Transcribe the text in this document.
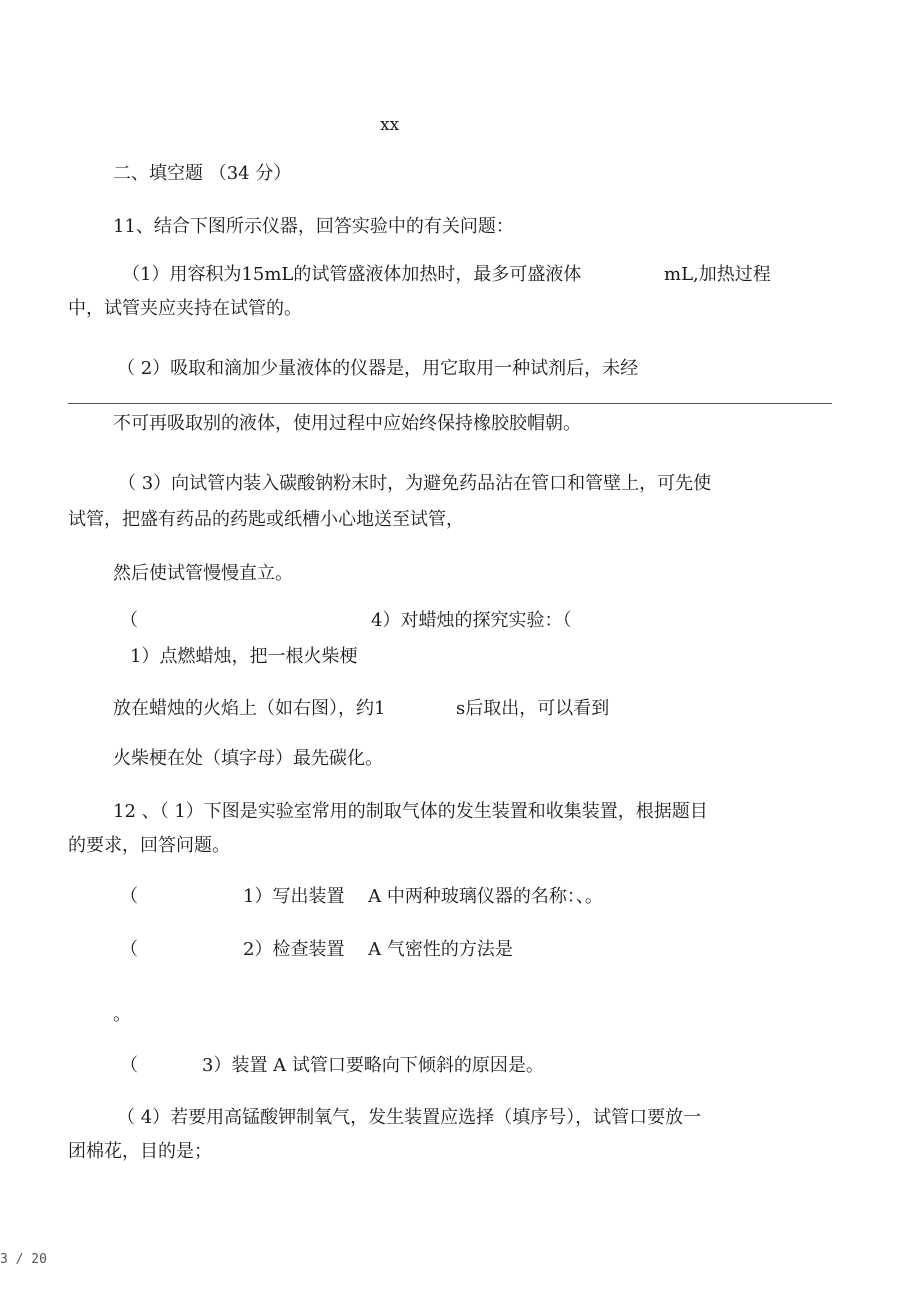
xx
二、填空题 （34 分）
11、结合下图所示仪器，回答实验中的有关问题：
（1）用容积为15mL的试管盛液体加热时，最多可盛液体	mL,加热过程
中，试管夹应夹持在试管的。
（ 2）吸取和滴加少量液体的仪器是，用它取用一种试剂后，未经
不可再吸取别的液体，使用过程中应始终保持橡胶胶帽朝。
（ 3）向试管内装入碳酸钠粉末时，为避免药品沾在管口和管壁上，可先使
试管，把盛有药品的药匙或纸槽小心地送至试管，
然后使试管慢慢直立。
（	4）对蜡烛的探究实验：（
1）点燃蜡烛，把一根火柴梗
放在蜡烛的火焰上（如右图），约1	s后取出，可以看到
火柴梗在处（填字母）最先碳化。
12 、（ 1）下图是实验室常用的制取气体的发生装置和收集装置，根据题目
的要求，回答问题。
（	1）写出装置　 A 中两种玻璃仪器的名称：、。
（	2）检查装置　 A 气密性的方法是
。
（	3）装置 A 试管口要略向下倾斜的原因是。
（ 4）若要用高锰酸钾制氧气，发生装置应选择（填序号），试管口要放一
团棉花，目的是；
3 / 20
